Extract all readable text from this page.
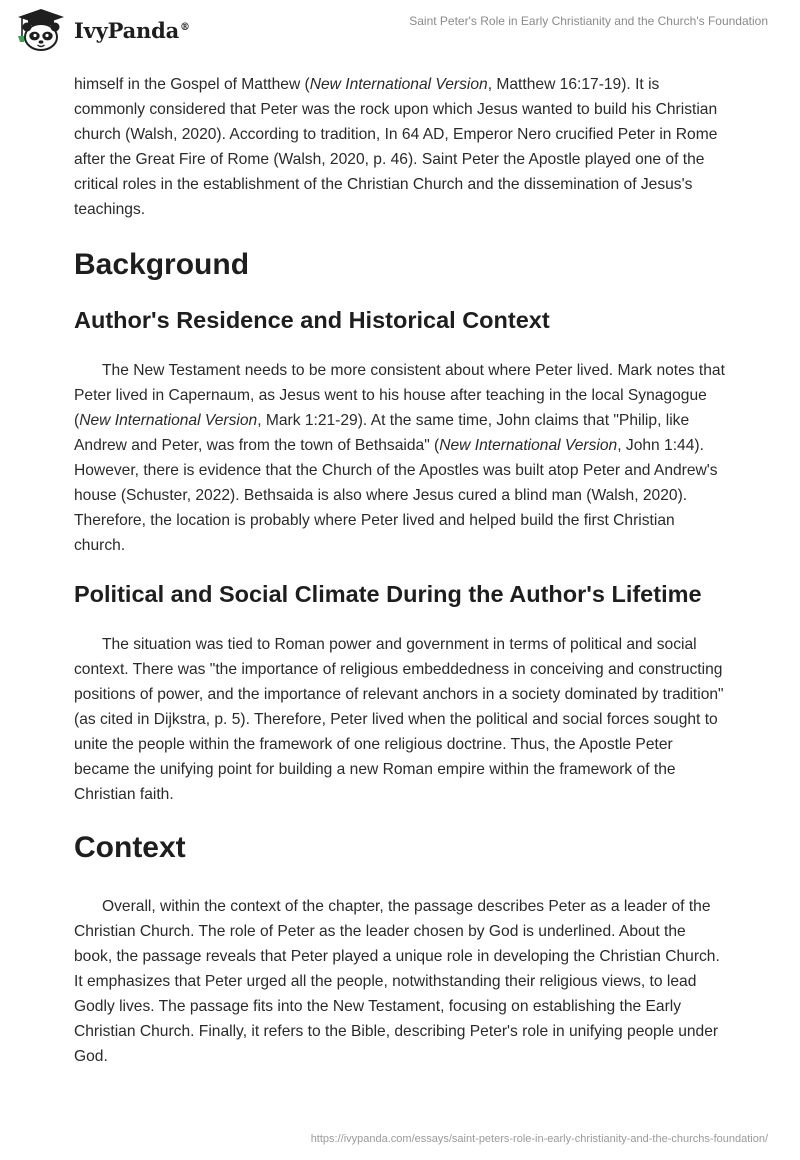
IvyPanda®	Saint Peter's Role in Early Christianity and the Church's Foundation

himself in the Gospel of Matthew (New International Version, Matthew 16:17-19). It is commonly considered that Peter was the rock upon which Jesus wanted to build his Christian church (Walsh, 2020). According to tradition, In 64 AD, Emperor Nero crucified Peter in Rome after the Great Fire of Rome (Walsh, 2020, p. 46). Saint Peter the Apostle played one of the critical roles in the establishment of the Christian Church and the dissemination of Jesus's teachings.

Background
Author's Residence and Historical Context

The New Testament needs to be more consistent about where Peter lived. Mark notes that Peter lived in Capernaum, as Jesus went to his house after teaching in the local Synagogue (New International Version, Mark 1:21-29). At the same time, John claims that "Philip, like Andrew and Peter, was from the town of Bethsaida" (New International Version, John 1:44). However, there is evidence that the Church of the Apostles was built atop Peter and Andrew's house (Schuster, 2022). Bethsaida is also where Jesus cured a blind man (Walsh, 2020). Therefore, the location is probably where Peter lived and helped build the first Christian church.

Political and Social Climate During the Author's Lifetime

The situation was tied to Roman power and government in terms of political and social context. There was "the importance of religious embeddedness in conceiving and constructing positions of power, and the importance of relevant anchors in a society dominated by tradition" (as cited in Dijkstra, p. 5). Therefore, Peter lived when the political and social forces sought to unite the people within the framework of one religious doctrine. Thus, the Apostle Peter became the unifying point for building a new Roman empire within the framework of the Christian faith.

Context

Overall, within the context of the chapter, the passage describes Peter as a leader of the Christian Church. The role of Peter as the leader chosen by God is underlined. About the book, the passage reveals that Peter played a unique role in developing the Christian Church. It emphasizes that Peter urged all the people, notwithstanding their religious views, to lead Godly lives. The passage fits into the New Testament, focusing on establishing the Early Christian Church. Finally, it refers to the Bible, describing Peter's role in unifying people under God.

https://ivypanda.com/essays/saint-peters-role-in-early-christianity-and-the-churchs-foundation/
